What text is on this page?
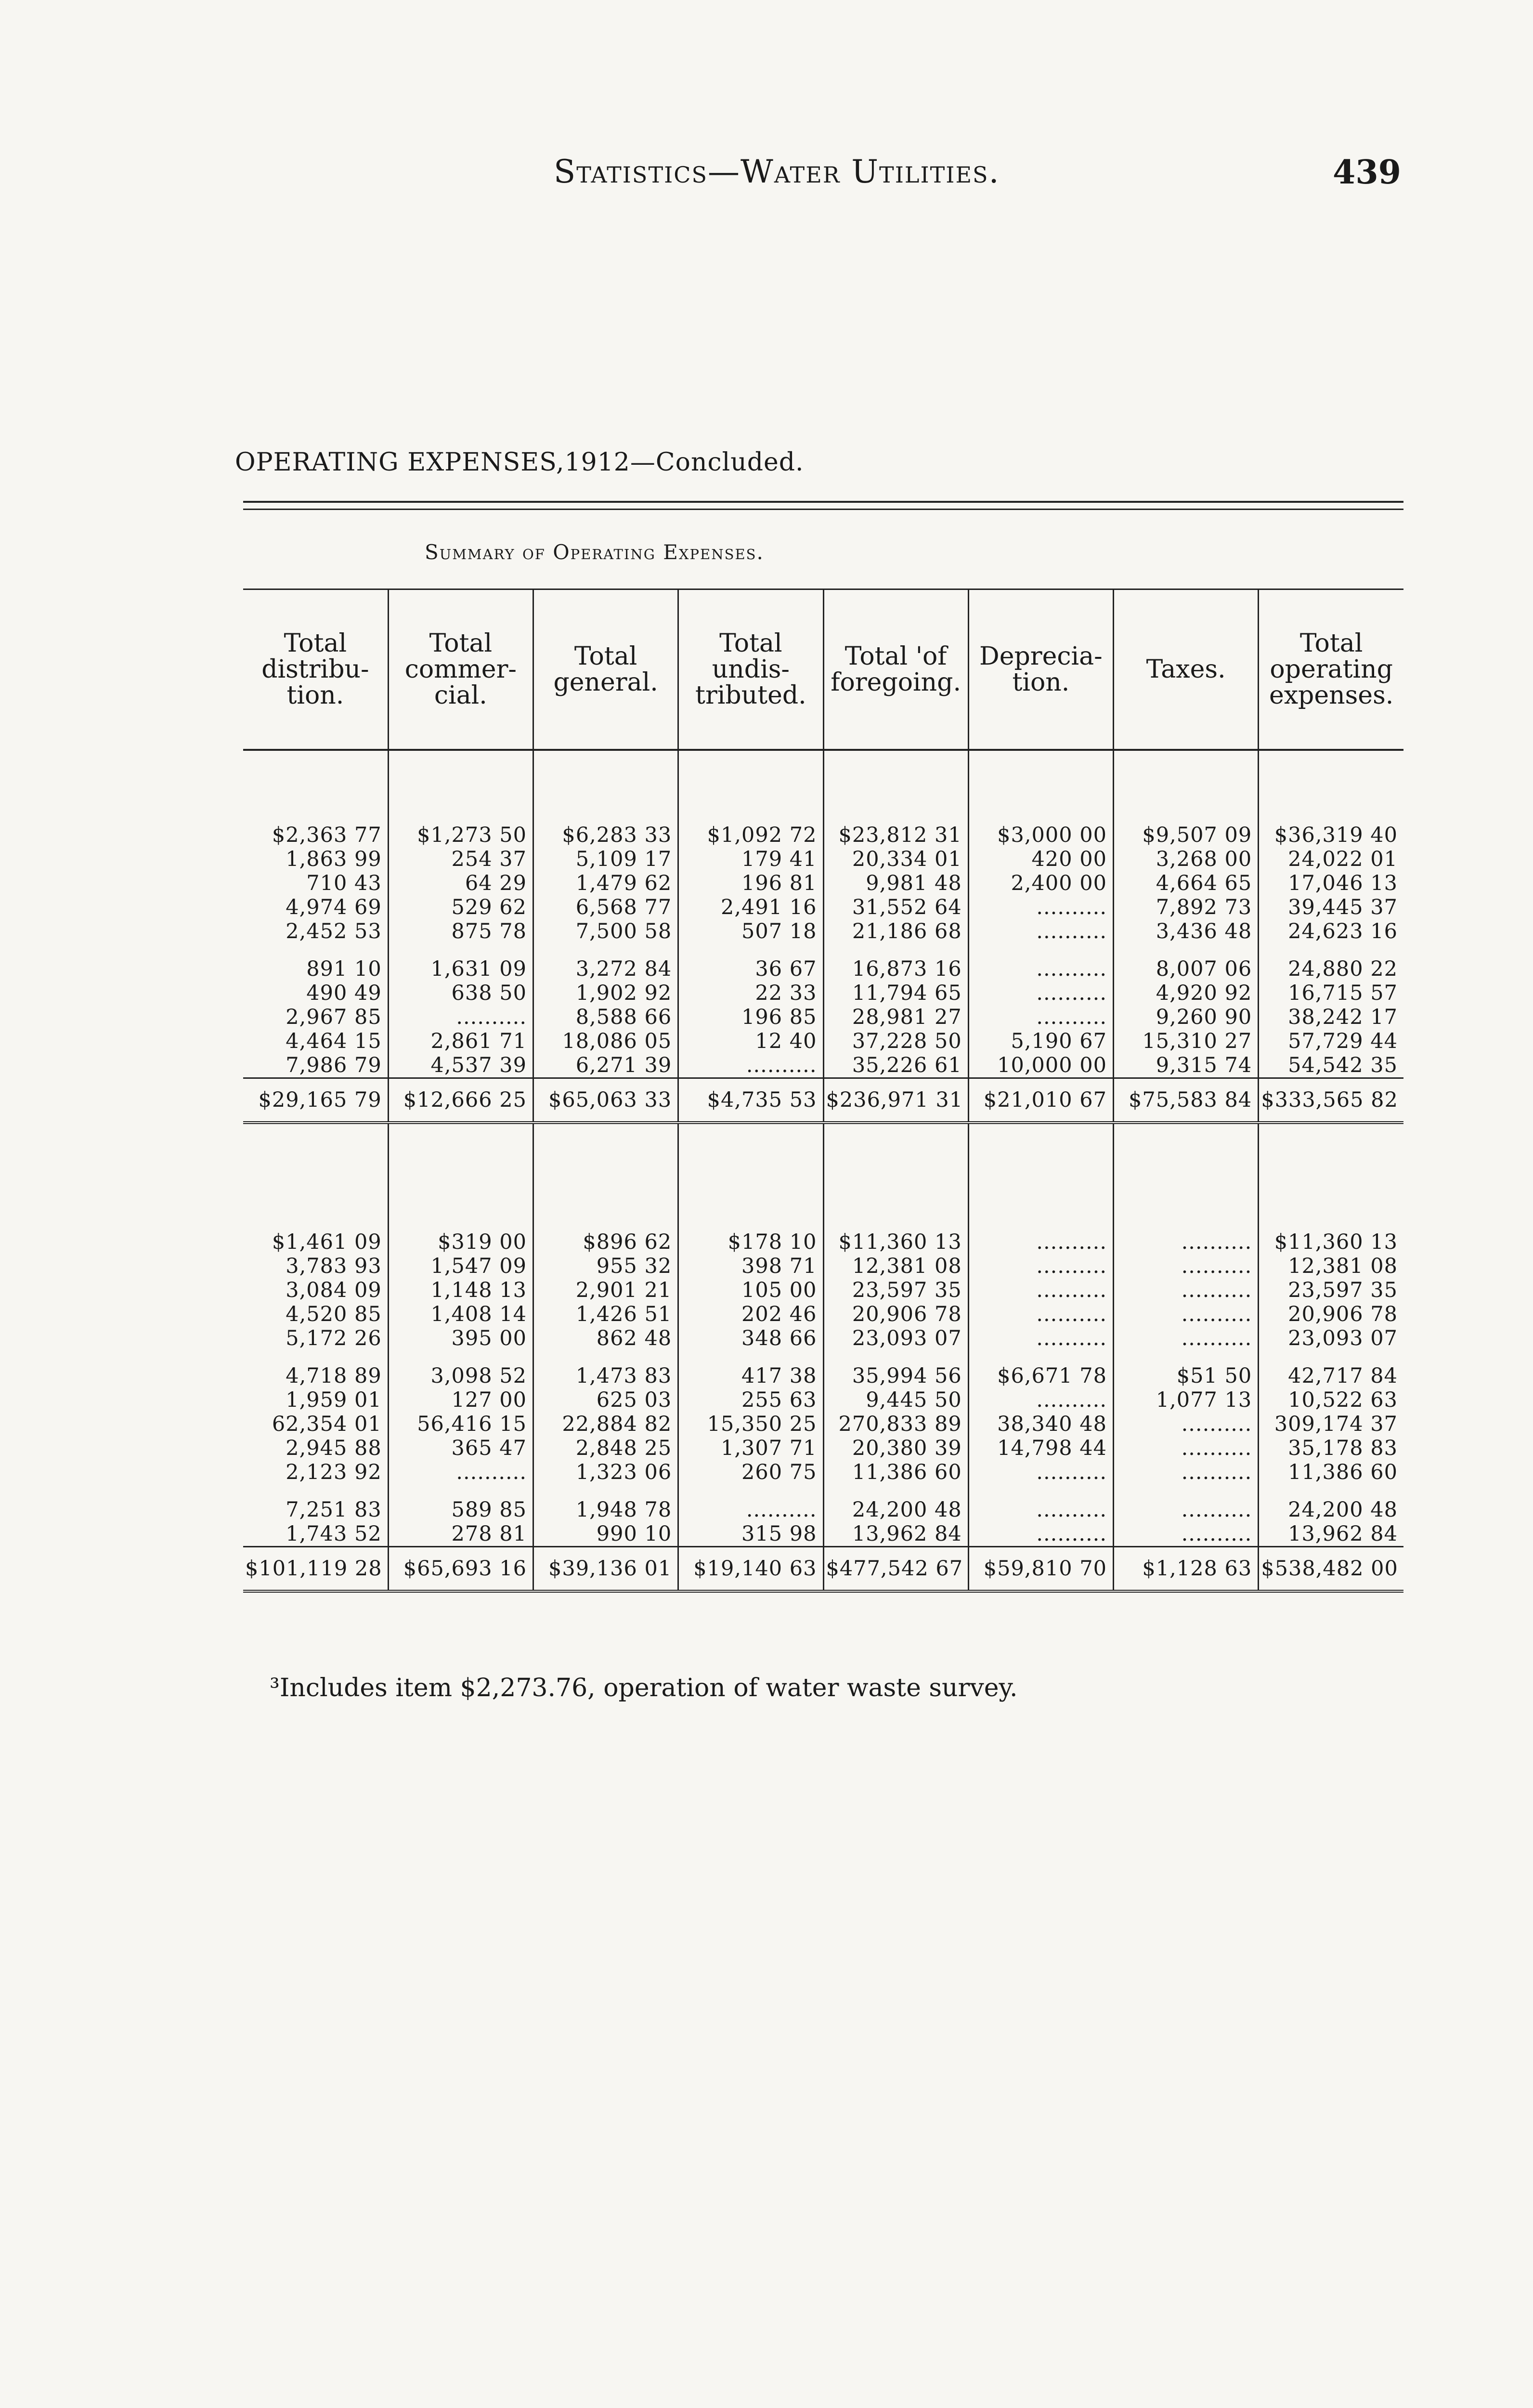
Statistics—Water Utilities.	439
OPERATING EXPENSES,1912—Concluded.
Summary of Operating Expenses.
Total distribu- tion.	Total commer- cial.	Total general.	Total undis- tributed.	Total 'of foregoing.	Deprecia- tion.	Taxes.	Total operating expenses.

$2,363 77	$1,273 50	$6,283 33	$1,092 72	$23,812 31	$3,000 00	$9,507 09	$36,319 40
1,863 99	254 37	5,109 17	179 41	20,334 01	420 00	3,268 00	24,022 01
710 43	64 29	1,479 62	196 81	9,981 48	2,400 00	4,664 65	17,046 13
4,974 69	529 62	6,568 77	2,491 16	31,552 64	..........	7,892 73	39,445 37
2,452 53	875 78	7,500 58	507 18	21,186 68	..........	3,436 48	24,623 16

891 10	1,631 09	3,272 84	36 67	16,873 16	..........	8,007 06	24,880 22
490 49	638 50	1,902 92	22 33	11,794 65	..........	4,920 92	16,715 57
2,967 85	..........	8,588 66	196 85	28,981 27	..........	9,260 90	38,242 17
4,464 15	2,861 71	18,086 05	12 40	37,228 50	5,190 67	15,310 27	57,729 44
7,986 79	4,537 39	6,271 39	..........	35,226 61	10,000 00	9,315 74	54,542 35
$29,165 79	$12,666 25	$65,063 33	$4,735 53	$236,971 31	$21,010 67	$75,583 84	$333,565 82

$1,461 09	$319 00	$896 62	$178 10	$11,360 13	..........	..........	$11,360 13
3,783 93	1,547 09	955 32	398 71	12,381 08	..........	..........	12,381 08
3,084 09	1,148 13	2,901 21	105 00	23,597 35	..........	..........	23,597 35
4,520 85	1,408 14	1,426 51	202 46	20,906 78	..........	..........	20,906 78
5,172 26	395 00	862 48	348 66	23,093 07	..........	..........	23,093 07

4,718 89	3,098 52	1,473 83	417 38	35,994 56	$6,671 78	$51 50	42,717 84
1,959 01	127 00	625 03	255 63	9,445 50	..........	1,077 13	10,522 63
62,354 01	56,416 15	22,884 82	15,350 25	270,833 89	38,340 48	..........	309,174 37
2,945 88	365 47	2,848 25	1,307 71	20,380 39	14,798 44	..........	35,178 83
2,123 92	..........	1,323 06	260 75	11,386 60	..........	..........	11,386 60

7,251 83	589 85	1,948 78	..........	24,200 48	..........	..........	24,200 48
1,743 52	278 81	990 10	315 98	13,962 84	..........	..........	13,962 84
$101,119 28	$65,693 16	$39,136 01	$19,140 63	$477,542 67	$59,810 70	$1,128 63	$538,482 00
³Includes item $2,273.76, operation of water waste survey.
